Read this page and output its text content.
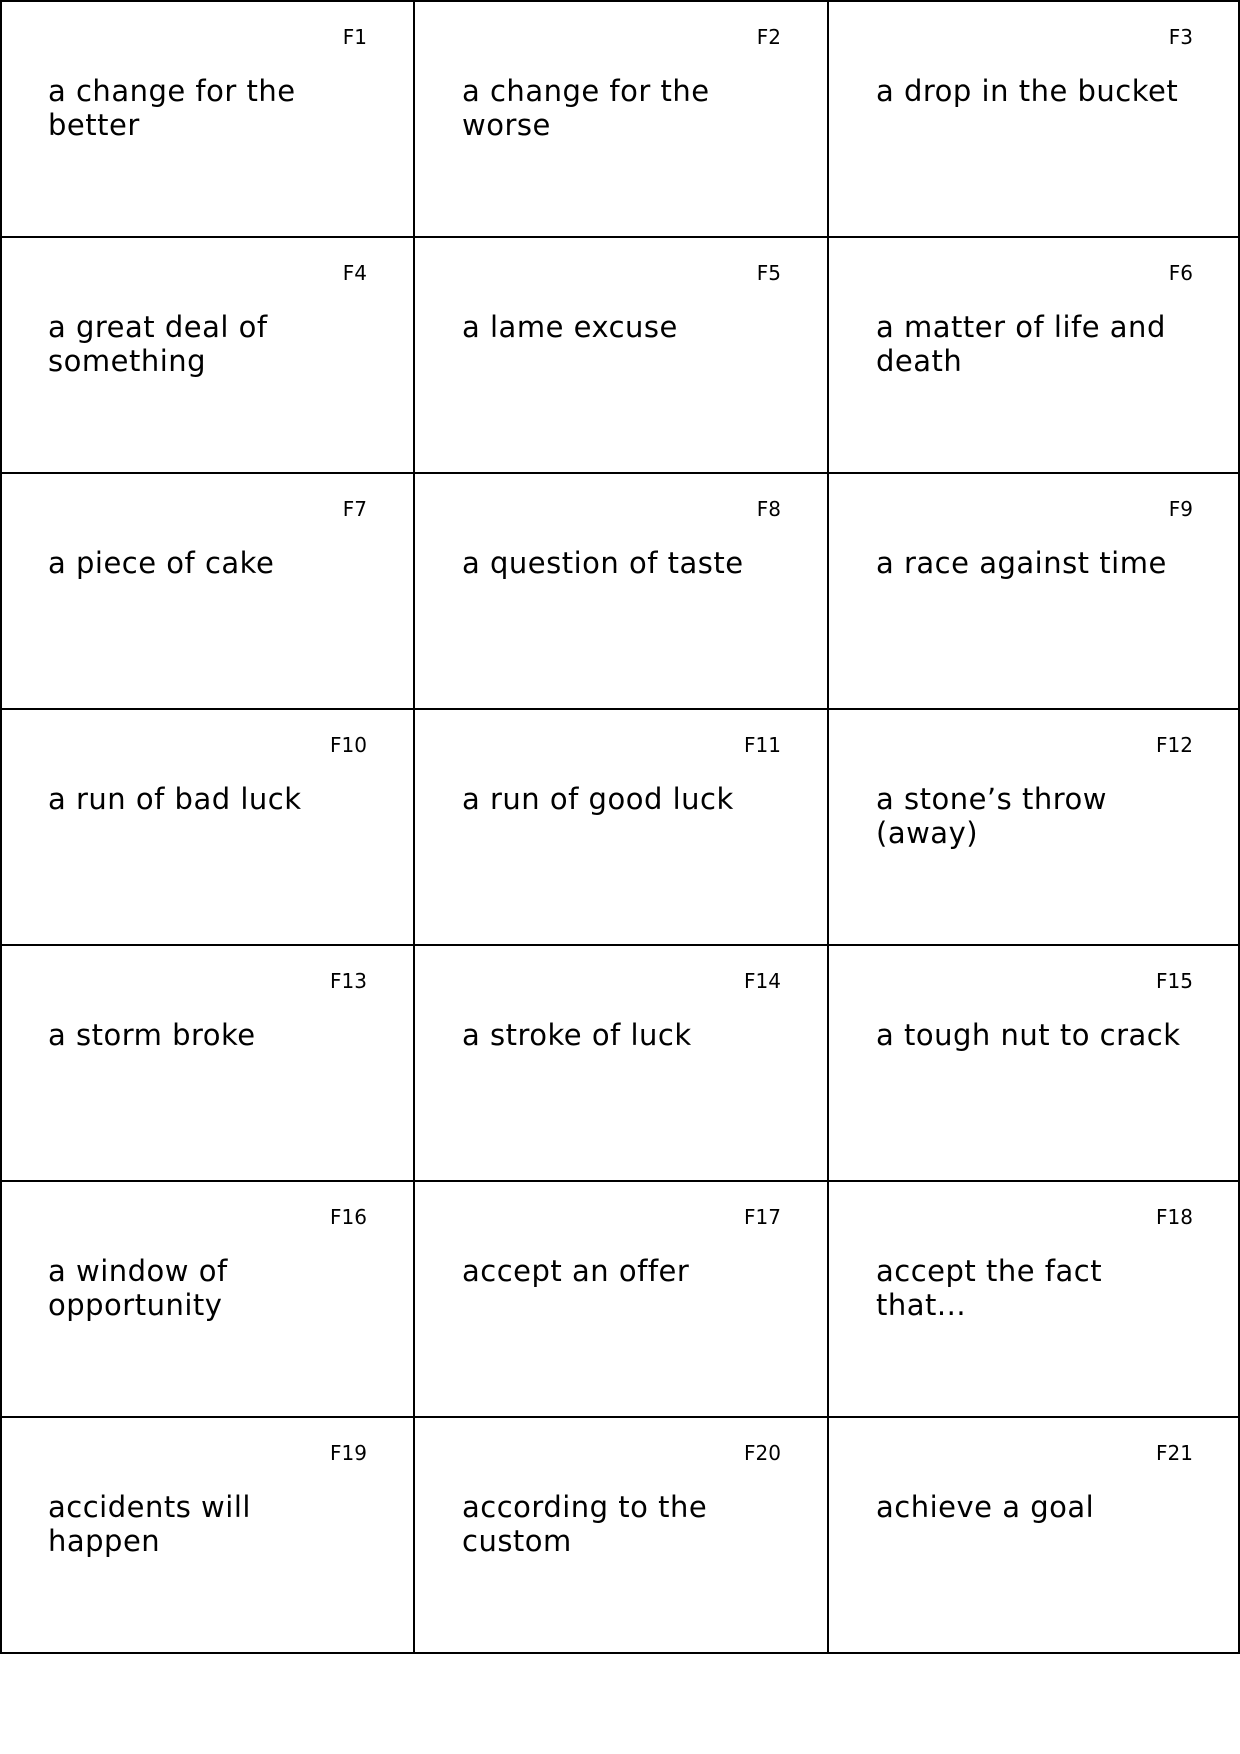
F1
a change for the better
F2
a change for the worse
F3
a drop in the bucket
F4
a great deal of something
F5
a lame excuse
F6
a matter of life and death
F7
a piece of cake
F8
a question of taste
F9
a race against time
F10
a run of bad luck
F11
a run of good luck
F12
a stone’s throw (away)
F13
a storm broke
F14
a stroke of luck
F15
a tough nut to crack
F16
a window of opportunity
F17
accept an offer
F18
accept the fact that...
F19
accidents will happen
F20
according to the custom
F21
achieve a goal
